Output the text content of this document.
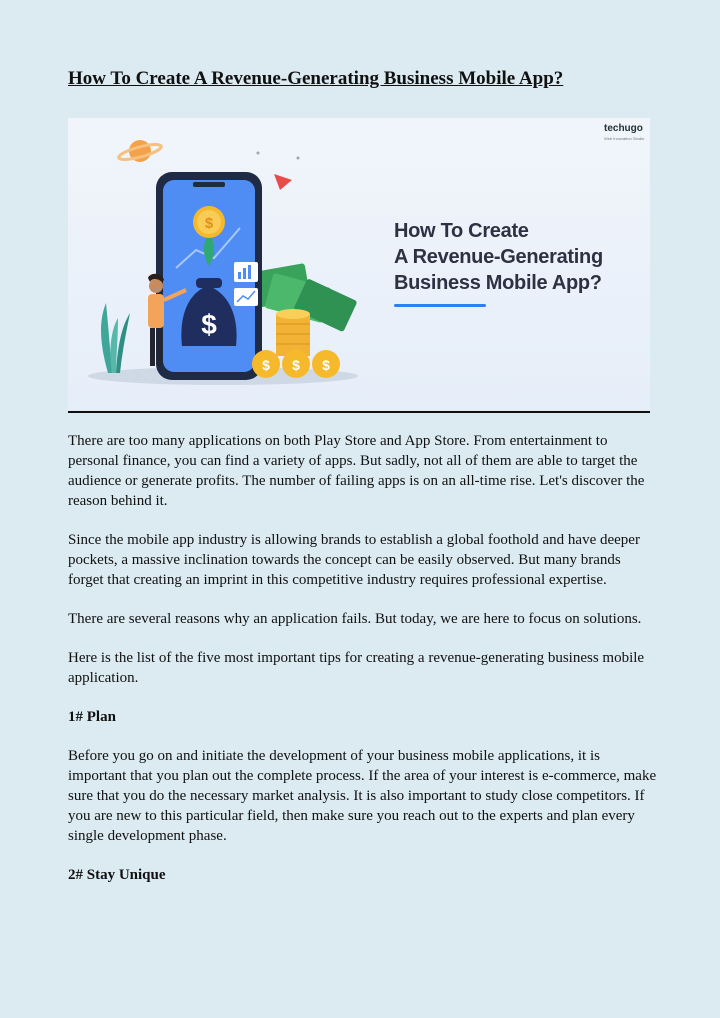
How To Create A Revenue-Generating Business Mobile App?
$
$
$ $ $
techugo
Web Innovation Studio
How To Create
A Revenue-Generating
Business Mobile App?

There are too many applications on both Play Store and App Store. From entertainment to personal finance, you can find a variety of apps. But sadly, not all of them are able to target the audience or generate profits. The number of failing apps is on an all-time rise. Let's discover the reason behind it.

Since the mobile app industry is allowing brands to establish a global foothold and have deeper pockets, a massive inclination towards the concept can be easily observed. But many brands forget that creating an imprint in this competitive industry requires professional expertise.

There are several reasons why an application fails. But today, we are here to focus on solutions.

Here is the list of the five most important tips for creating a revenue-generating business mobile application.

1# Plan

Before you go on and initiate the development of your business mobile applications, it is important that you plan out the complete process. If the area of your interest is e-commerce, make sure that you do the necessary market analysis. It is also important to study close competitors. If you are new to this particular field, then make sure you reach out to the experts and plan every single development phase.

2# Stay Unique
